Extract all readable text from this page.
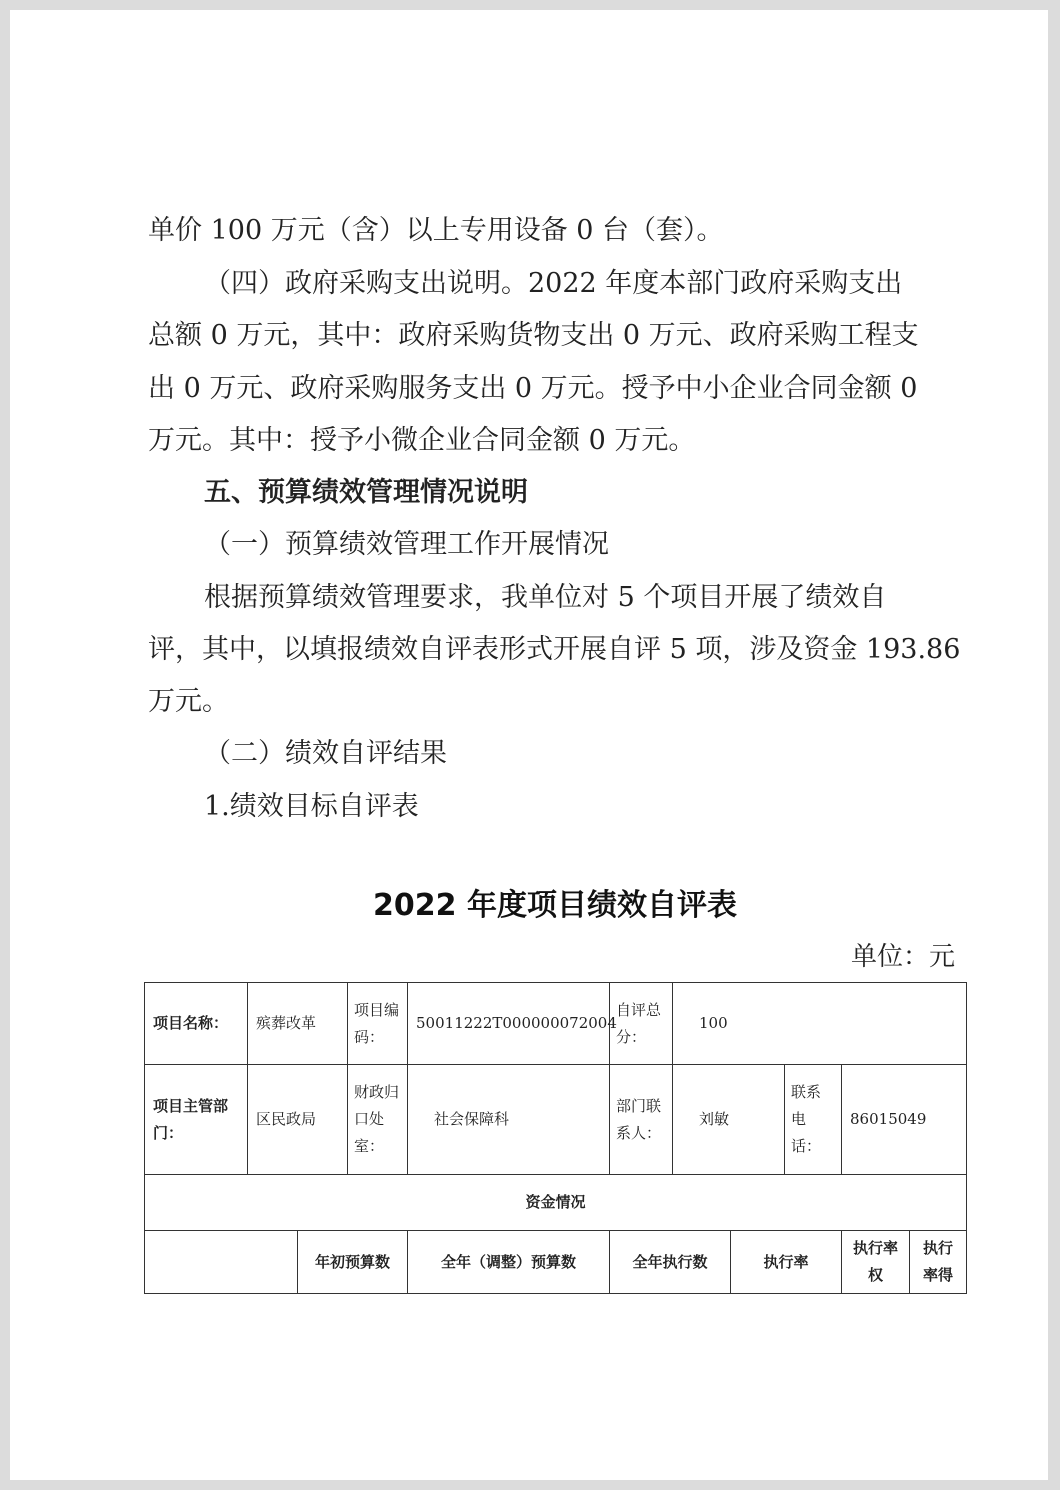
单价 100 万元（含）以上专用设备 0 台（套）。

（四）政府采购支出说明。2022 年度本部门政府采购支出

总额 0 万元，其中：政府采购货物支出 0 万元、政府采购工程支

出 0 万元、政府采购服务支出 0 万元。授予中小企业合同金额 0

万元。其中：授予小微企业合同金额 0 万元。

五、预算绩效管理情况说明

（一）预算绩效管理工作开展情况

根据预算绩效管理要求，我单位对 5 个项目开展了绩效自

评，其中，以填报绩效自评表形式开展自评 5 项，涉及资金 193.86

万元。

（二）绩效自评结果

1.绩效目标自评表

2022 年度项目绩效自评表
单位：元
项目名称：	殡葬改革		项目编码：	50011222T000000072004	自评总分：	100				
项目主管部门：	区民政局		财政归口处室：	社会保障科	部门联系人：	刘敏		联系电话：	86015049	
资金情况										
		年初预算数		全年（调整）预算数	全年执行数		执行率		执行率权	执行率得
